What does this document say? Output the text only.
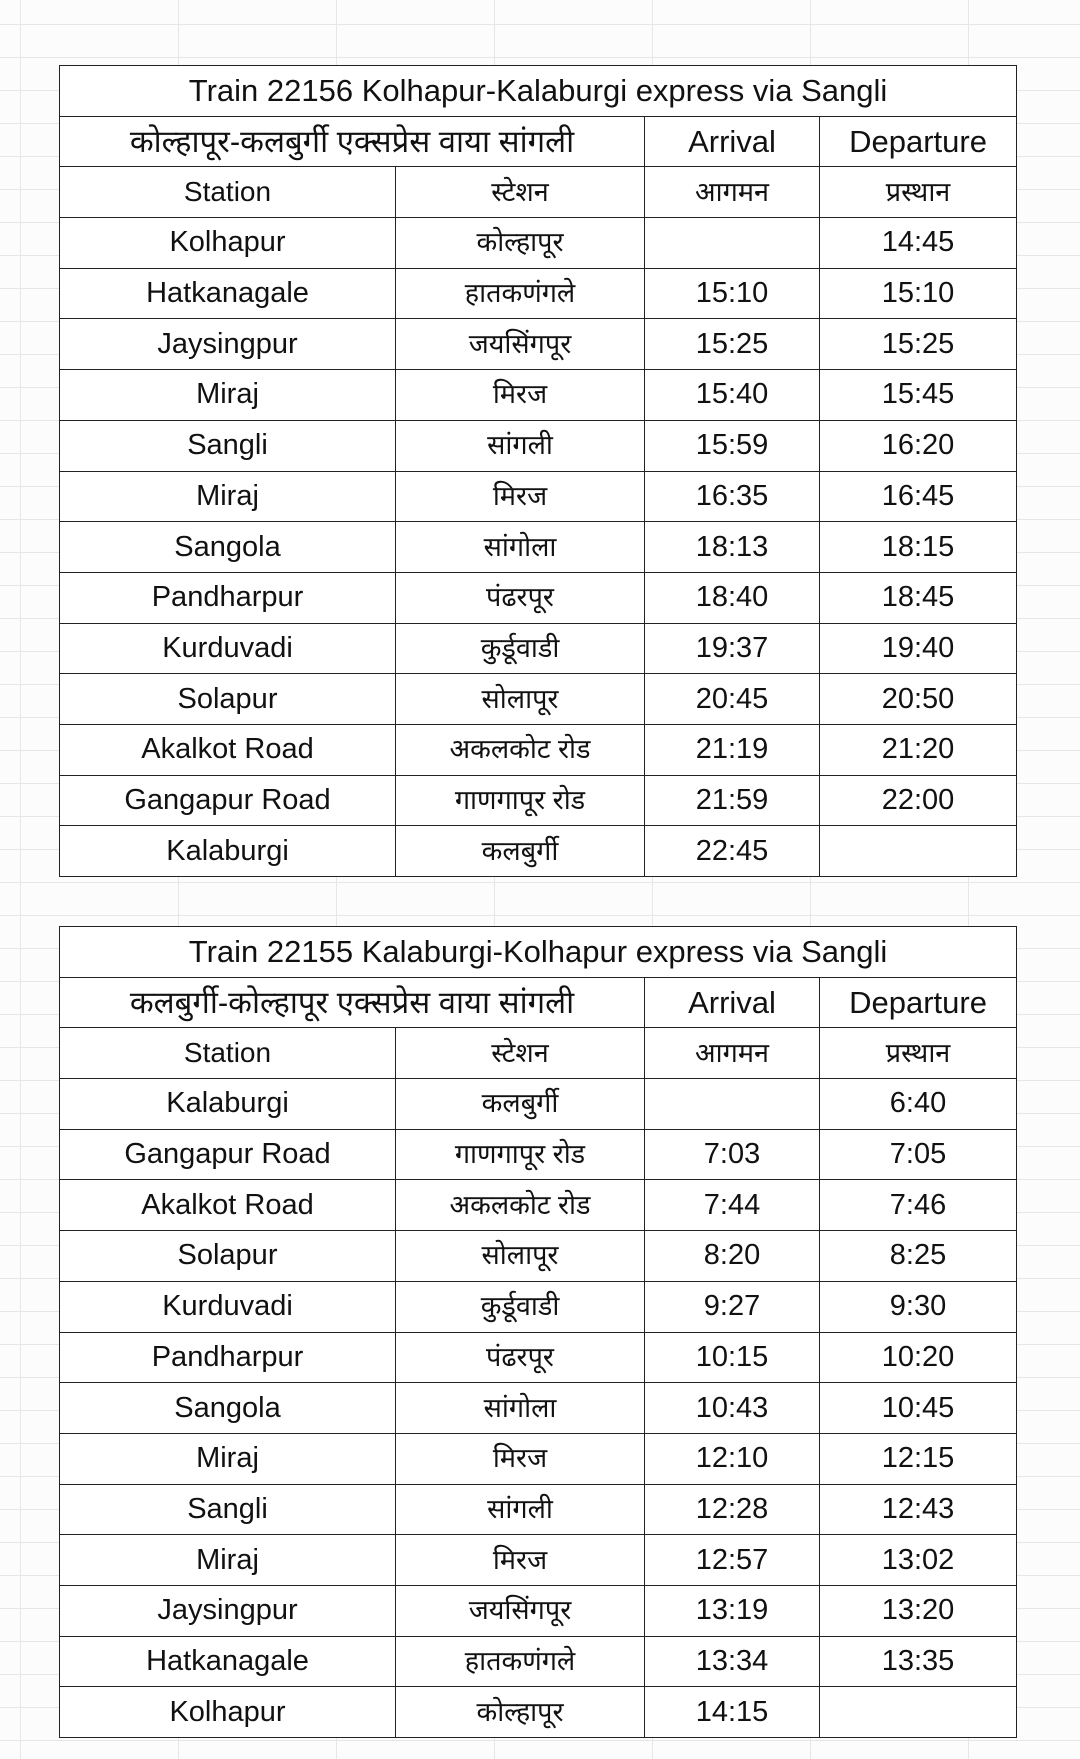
Train 22156 Kolhapur-Kalaburgi express via Sangli			
कोल्हापूर-कलबुर्गी एक्सप्रेस वाया सांगली		Arrival	Departure
Station	स्टेशन	आगमन	प्रस्थान
Kolhapur	कोल्हापूर		14:45
Hatkanagale	हातकणंगले	15:10	15:10
Jaysingpur	जयसिंगपूर	15:25	15:25
Miraj	मिरज	15:40	15:45
Sangli	सांगली	15:59	16:20
Miraj	मिरज	16:35	16:45
Sangola	सांगोला	18:13	18:15
Pandharpur	पंढरपूर	18:40	18:45
Kurduvadi	कुर्डूवाडी	19:37	19:40
Solapur	सोलापूर	20:45	20:50
Akalkot Road	अकलकोट रोड	21:19	21:20
Gangapur Road	गाणगापूर रोड	21:59	22:00
Kalaburgi	कलबुर्गी	22:45	
Train 22155 Kalaburgi-Kolhapur express via Sangli			
कलबुर्गी-कोल्हापूर एक्सप्रेस वाया सांगली		Arrival	Departure
Station	स्टेशन	आगमन	प्रस्थान
Kalaburgi	कलबुर्गी		6:40
Gangapur Road	गाणगापूर रोड	7:03	7:05
Akalkot Road	अकलकोट रोड	7:44	7:46
Solapur	सोलापूर	8:20	8:25
Kurduvadi	कुर्डूवाडी	9:27	9:30
Pandharpur	पंढरपूर	10:15	10:20
Sangola	सांगोला	10:43	10:45
Miraj	मिरज	12:10	12:15
Sangli	सांगली	12:28	12:43
Miraj	मिरज	12:57	13:02
Jaysingpur	जयसिंगपूर	13:19	13:20
Hatkanagale	हातकणंगले	13:34	13:35
Kolhapur	कोल्हापूर	14:15	
